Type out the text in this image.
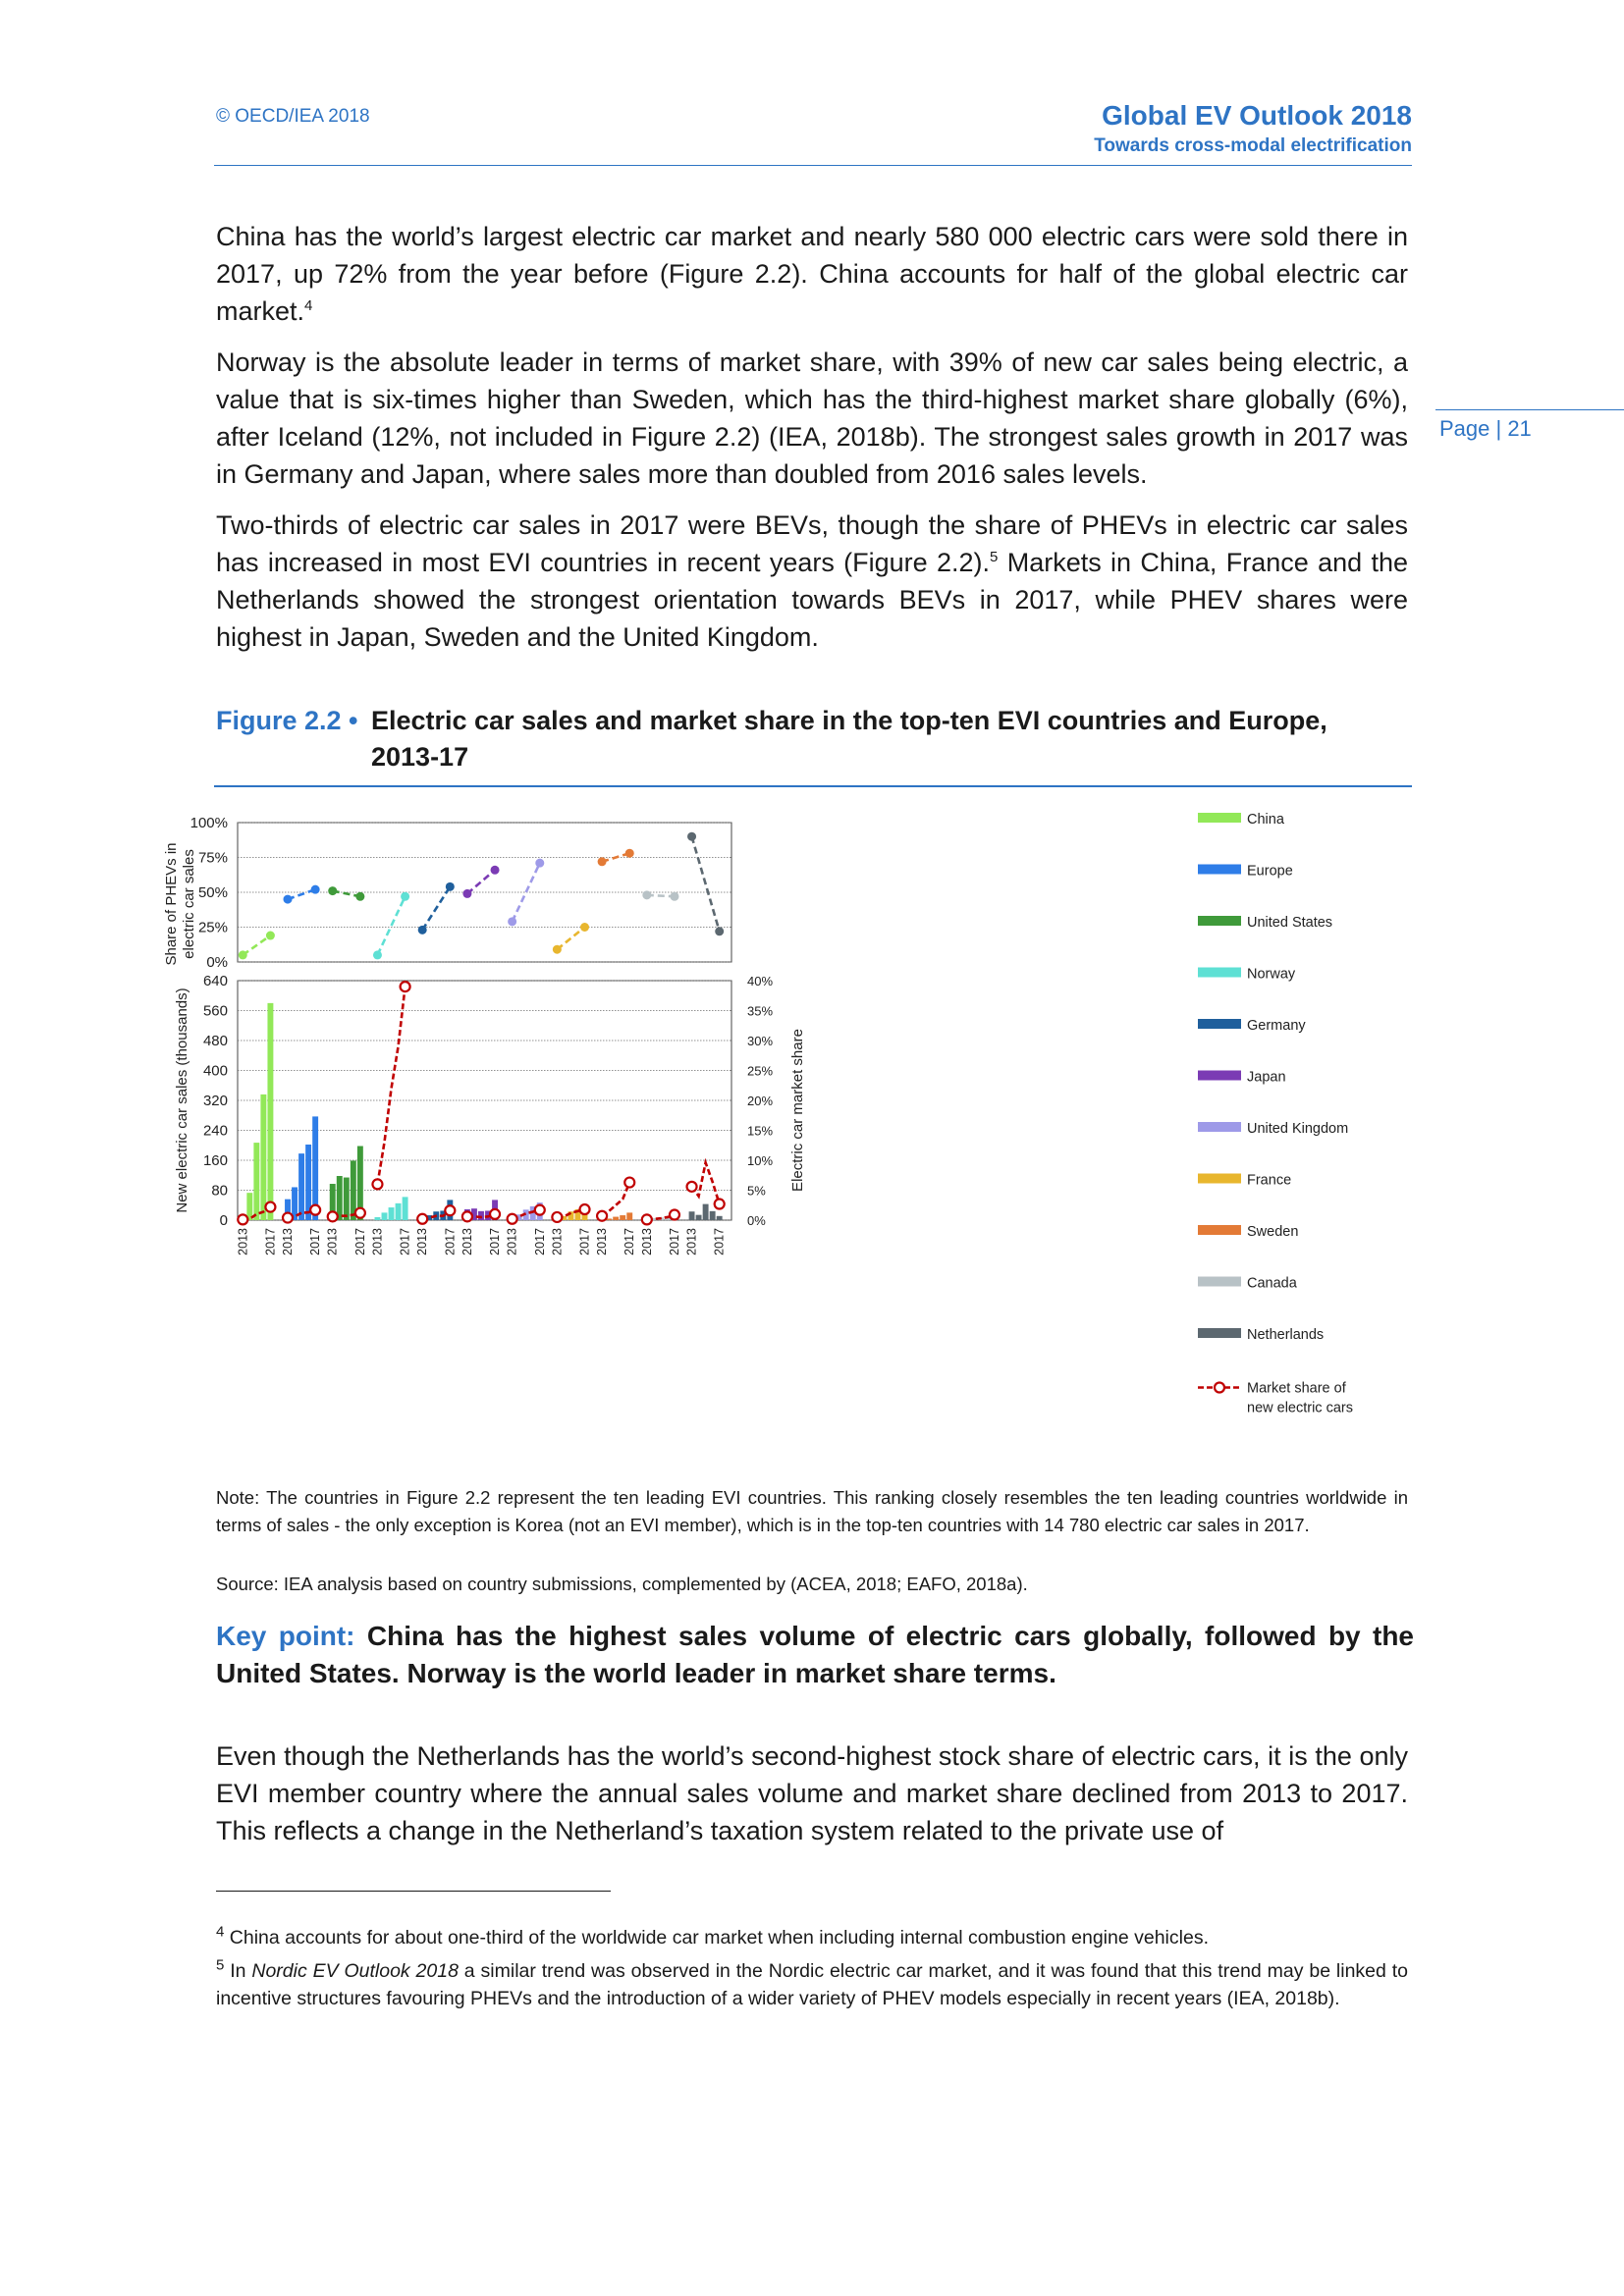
© OECD/IEA 2018	Global EV Outlook 2018
Towards cross-modal electrification
Page | 21

China has the world’s largest electric car market and nearly 580 000 electric cars were sold there in 2017, up 72% from the year before (Figure 2.2). China accounts for half of the global electric car market.$^4$

Norway is the absolute leader in terms of market share, with 39% of new car sales being electric, a value that is six-times higher than Sweden, which has the third-highest market share globally (6%), after Iceland (12%, not included in Figure 2.2) (IEA, 2018b). The strongest sales growth in 2017 was in Germany and Japan, where sales more than doubled from 2016 sales levels.

Two-thirds of electric car sales in 2017 were BEVs, though the share of PHEVs in electric car sales has increased in most EVI countries in recent years (Figure 2.2).$^5$ Markets in China, France and the Netherlands showed the strongest orientation towards BEVs in 2017, while PHEV shares were highest in Japan, Sweden and the United Kingdom.

Figure 2.2 • Electric car sales and market share in the top-ten EVI countries and Europe, 2013-17
0%
25%
50%
75%
100%
0
80
160
240
320
400
480
560
640
0%
5%
10%
15%
20%
25%
30%
35%
40%
Share of PHEVs inelectric car sales
New electric car sales (thousands)	Electric car market share
2013 2017 2013 2017 2013 2017 2013 2017 2013 2017 2013 2017 2013 2017 2013 2017 2013 2017 2013 2017 2013 2017
China
Europe
United States
Norway
Germany
Japan
United Kingdom
France
Sweden
Canada
Netherlands
Market share of new electric cars

Note: The countries in Figure 2.2 represent the ten leading EVI countries. This ranking closely resembles the ten leading countries worldwide in terms of sales - the only exception is Korea (not an EVI member), which is in the top-ten countries with 14 780 electric car sales in 2017.

Source: IEA analysis based on country submissions, complemented by (ACEA, 2018; EAFO, 2018a).

Key point: China has the highest sales volume of electric cars globally, followed by the United States. Norway is the world leader in market share terms.

Even though the Netherlands has the world’s second-highest stock share of electric cars, it is the only EVI member country where the annual sales volume and market share declined from 2013 to 2017. This reflects a change in the Netherland’s taxation system related to the private use of

$^4$ China accounts for about one-third of the worldwide car market when including internal combustion engine vehicles.

$^5$ In Nordic EV Outlook 2018 a similar trend was observed in the Nordic electric car market, and it was found that this trend may be linked to incentive structures favouring PHEVs and the introduction of a wider variety of PHEV models especially in recent years (IEA, 2018b).
